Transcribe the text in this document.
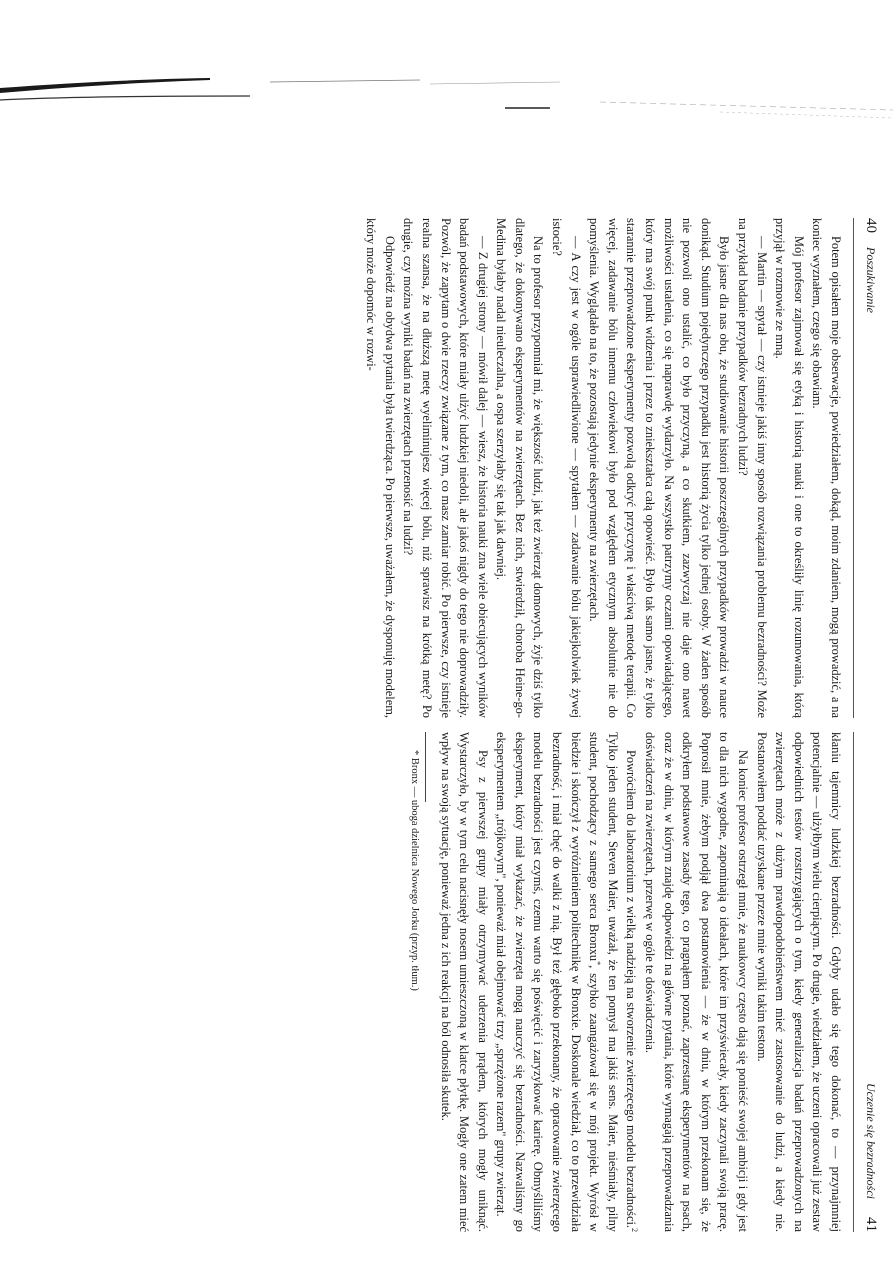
40
Poszukiwanie

Potem opisałem moje obserwacje, powiedziałem, dokąd, moim zdaniem, mogą prowadzić, a na koniec wyznałem, czego się obawiam.

Mój profesor zajmował się etyką i historią nauki i one to określiły linię rozumowania, którą przyjął w rozmowie ze mną.

— Martin — spytał — czy istnieje jakiś inny sposób rozwiązania problemu bezradności? Może na przykład badanie przypadków bezradnych ludzi?

Było jasne dla nas obu, że studiowanie historii poszczególnych przypadków prowadzi w nauce donikąd. Studium pojedynczego przypadku jest historią życia tylko jednej osoby. W żaden sposób nie pozwoli ono ustalić, co było przyczyną, a co skutkiem, zazwyczaj nie daje ono nawet możliwości ustalenia, co się naprawdę wydarzyło. Na wszystko patrzymy oczami opowiadającego, który ma swój punkt widzenia i przez to zniekształca całą opowieść. Było tak samo jasne, że tylko starannie przeprowadzone eksperymenty pozwolą odkryć przyczynę i właściwą metodę terapii. Co więcej, zadawanie bólu innemu człowiekowi było pod względem etycznym absolutnie nie do pomyślenia. Wyglądało na to, że pozostają jedynie eksperymenty na zwierzętach.

— A czy jest w ogóle usprawiedliwione — spytałem — zadawanie bólu jakiejkolwiek żywej istocie?

Na to profesor przypomniał mi, że większość ludzi, jak też zwierząt domowych, żyje dziś tylko dlatego, że dokonywano eksperymentów na zwierzętach. Bez nich, stwierdził, choroba Heine-go-Medina byłaby nadal nieuleczalna, a ospa szerzyłaby się tak jak dawniej.

— Z drugiej strony — mówił dalej — wiesz, że historia nauki zna wiele obiecujących wyników badań podstawowych, które miały ulżyć ludzkiej niedoli, ale jakoś nigdy do tego nie doprowadziły. Pozwól, że zapytam o dwie rzeczy związane z tym, co masz zamiar robić. Po pierwsze, czy istnieje realna szansa, że na dłuższą metę wyeliminujesz więcej bólu, niż sprawisz na krótką metę? Po drugie, czy można wyniki badań na zwierzętach przenosić na ludzi?

Odpowiedź na obydwa pytania była twierdząca. Po pierwsze, uważałem, że dysponuję modelem, który może dopomóc w rozwi-

Uczenie się bezradności
41

kłaniu tajemnicy ludzkiej bezradności. Gdyby udało się tego dokonać, to — przynajmniej potencjalnie — ulżyłbym wielu cierpiącym. Po drugie, wiedziałem, że uczeni opracowali już zestaw odpowiednich testów rozstrzygających o tym, kiedy generalizacja badań przeprowadzonych na zwierzętach może z dużym prawdopodobieństwem mieć zastosowanie do ludzi, a kiedy nie. Postanowiłem poddać uzyskane przeze mnie wyniki takim testom.

Na koniec profesor ostrzegł mnie, że naukowcy często dają się ponieść swojej ambicji i gdy jest to dla nich wygodne, zapominają o ideałach, które im przyświecały, kiedy zaczynali swoją pracę. Poprosił mnie, żebym podjął dwa postanowienia — że w dniu, w którym przekonam się, że odkryłem podstawowe zasady tego, co pragnąłem poznać, zaprzestanę eksperymentów na psach, oraz że w dniu, w którym znajdę odpowiedzi na główne pytania, które wymagają przeprowadzania doświadczeń na zwierzętach, przerwę w ogóle te doświadczenia.

Powróciłem do laboratorium z wielką nadzieją na stworzenie zwierzęcego modelu bezradności.$^2$ Tylko jeden student, Steven Maier, uważał, że ten pomysł ma jakiś sens. Maier, nieśmiały, pilny student, pochodzący z samego serca Bronxu*, szybko zaangażował się w mój projekt. Wyrósł w biedzie i skończył z wyróżnieniem politechnikę w Bronxie. Doskonale wiedział, co to przewidziała bezradność, i miał chęć do walki z nią. Był też głęboko przekonany, że opracowanie zwierzęcego modelu bezradności jest czymś, czemu warto się poświęcić i zaryzykować karierę. Obmyśliliśmy eksperyment, który miał wykazać, że zwierzęta mogą nauczyć się bezradności. Nazwaliśmy go eksperymentem „trójkowym", ponieważ miał obejmować trzy „sprzężone razem" grupy zwierząt.

Psy z pierwszej grupy miały otrzymywać uderzenia prądem, których mogły uniknąć. Wystarczyło, by w tym celu nacisnęły nosem umieszczoną w klatce płytkę. Mogły one zatem mieć wpływ na swoją sytuację, ponieważ jedna z ich reakcji na ból odnosiła skutek.

* Bronx — uboga dzielnica Nowego Jorku (przyp. tłum.)
